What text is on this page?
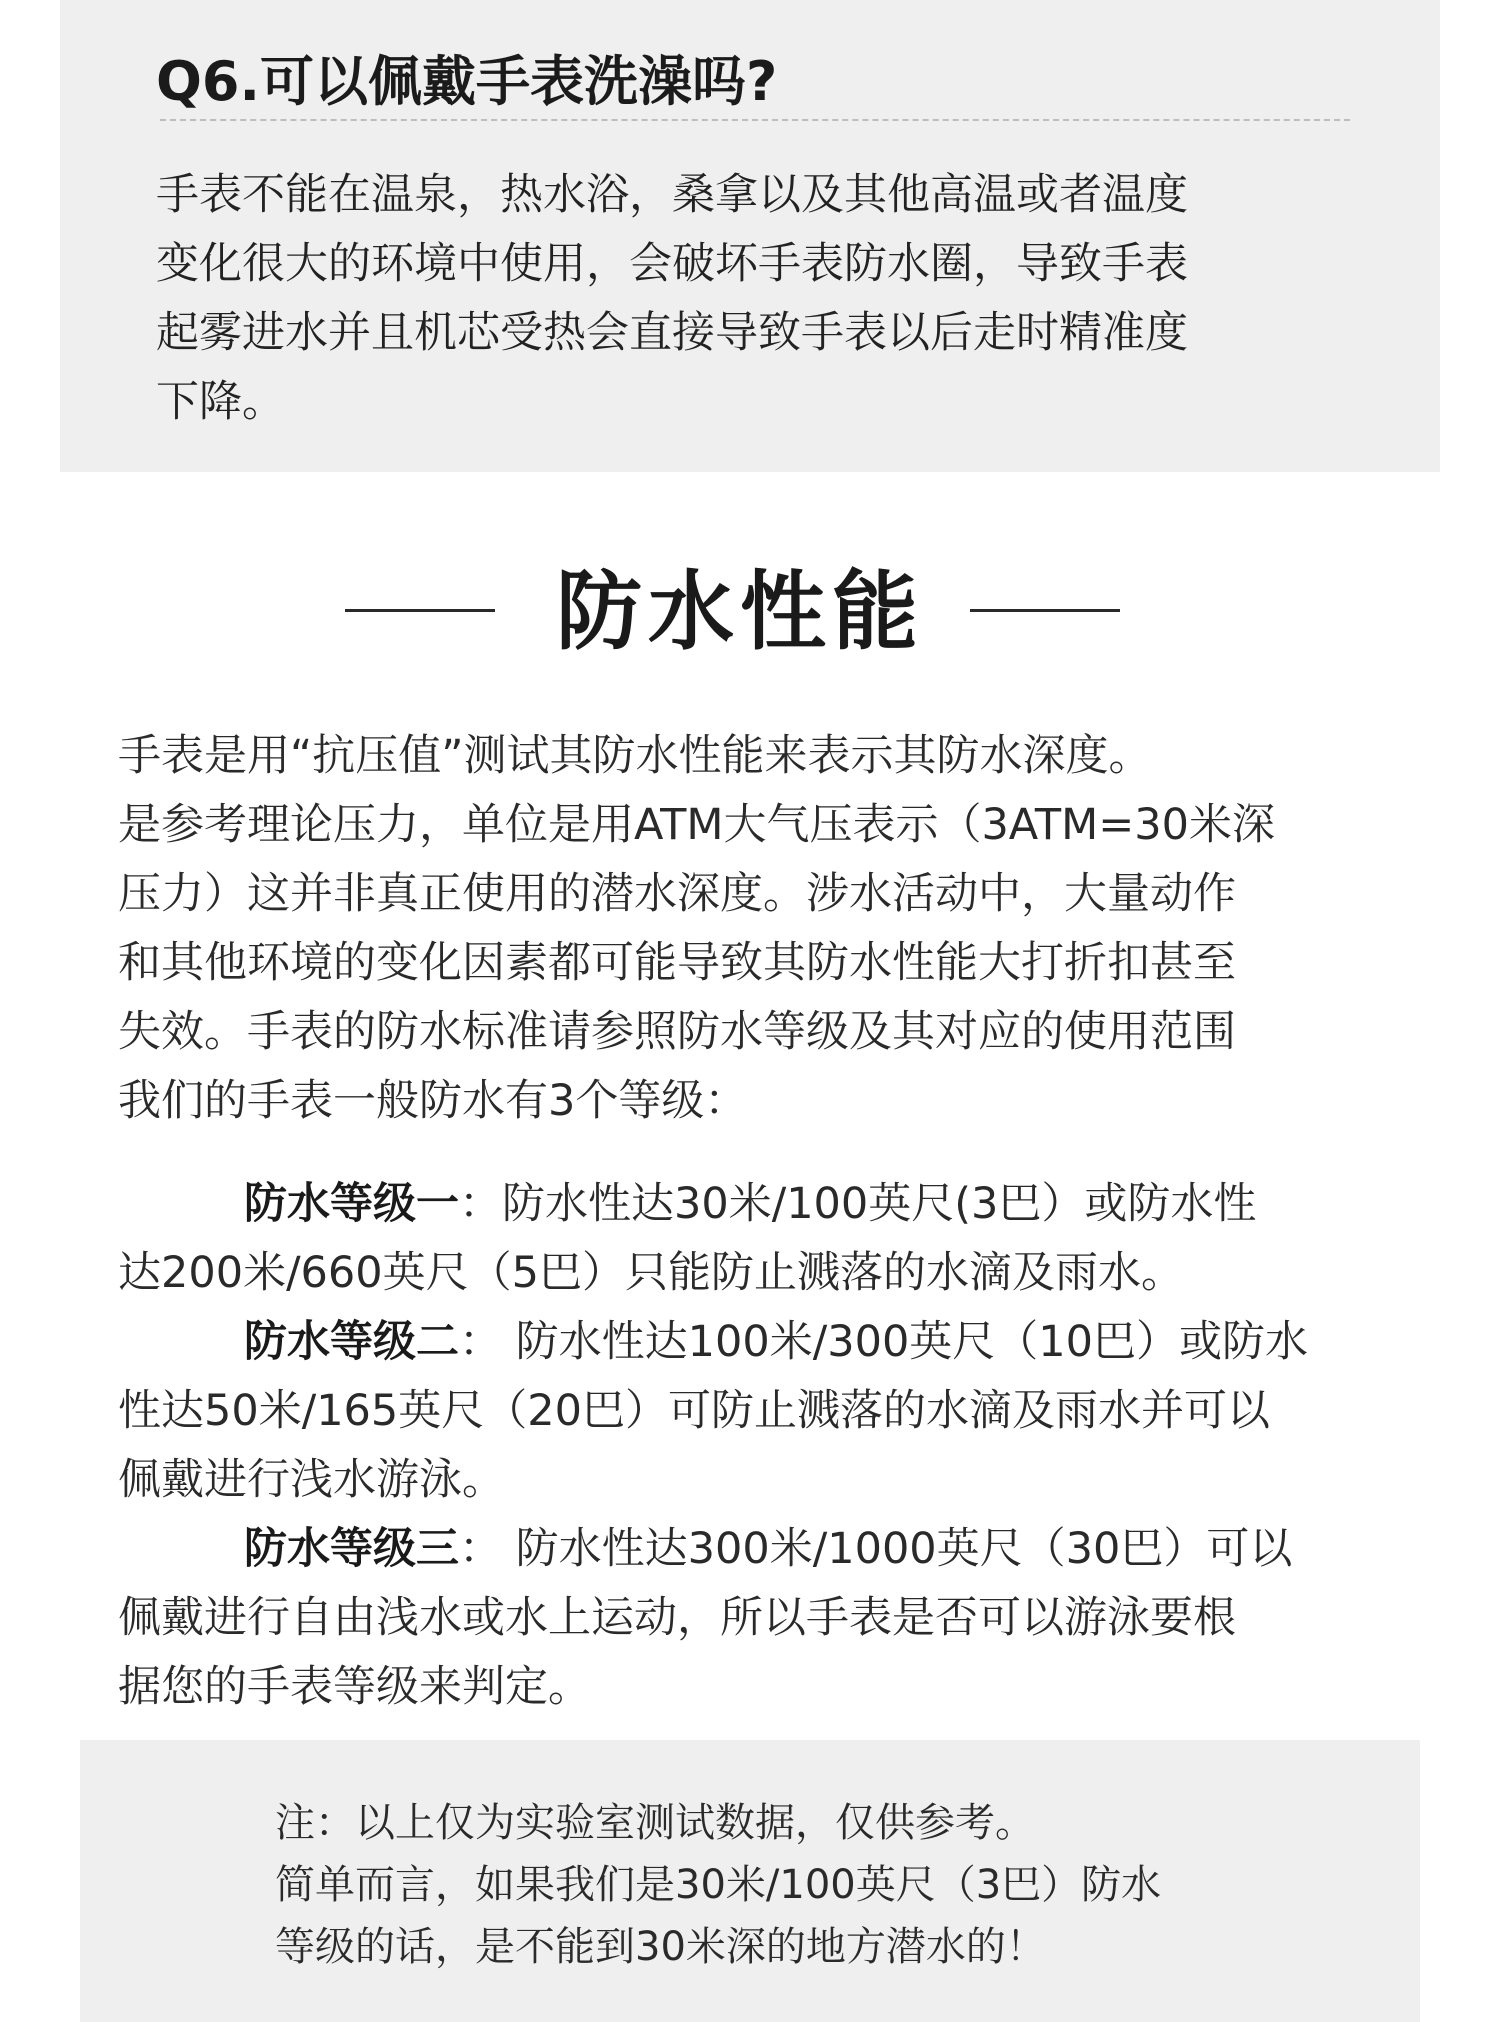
Q6.可以佩戴手表洗澡吗?

手表不能在温泉，热水浴，桑拿以及其他高温或者温度
变化很大的环境中使用，会破坏手表防水圈，导致手表
起雾进水并且机芯受热会直接导致手表以后走时精准度
下降。

防水性能

手表是用“抗压值”测试其防水性能来表示其防水深度。
是参考理论压力，单位是用ATM大气压表示（3ATM=30米深
压力）这并非真正使用的潜水深度。涉水活动中，大量动作
和其他环境的变化因素都可能导致其防水性能大打折扣甚至
失效。手表的防水标准请参照防水等级及其对应的使用范围
我们的手表一般防水有3个等级：

防水等级一：防水性达30米/100英尺(3巴）或防水性
达200米/660英尺（5巴）只能防止溅落的水滴及雨水。
防水等级二： 防水性达100米/300英尺（10巴）或防水
性达50米/165英尺（20巴）可防止溅落的水滴及雨水并可以
佩戴进行浅水游泳。
防水等级三： 防水性达300米/1000英尺（30巴）可以
佩戴进行自由浅水或水上运动，所以手表是否可以游泳要根
据您的手表等级来判定。

注：以上仅为实验室测试数据，仅供参考。
简单而言，如果我们是30米/100英尺（3巴）防水
等级的话，是不能到30米深的地方潜水的！
